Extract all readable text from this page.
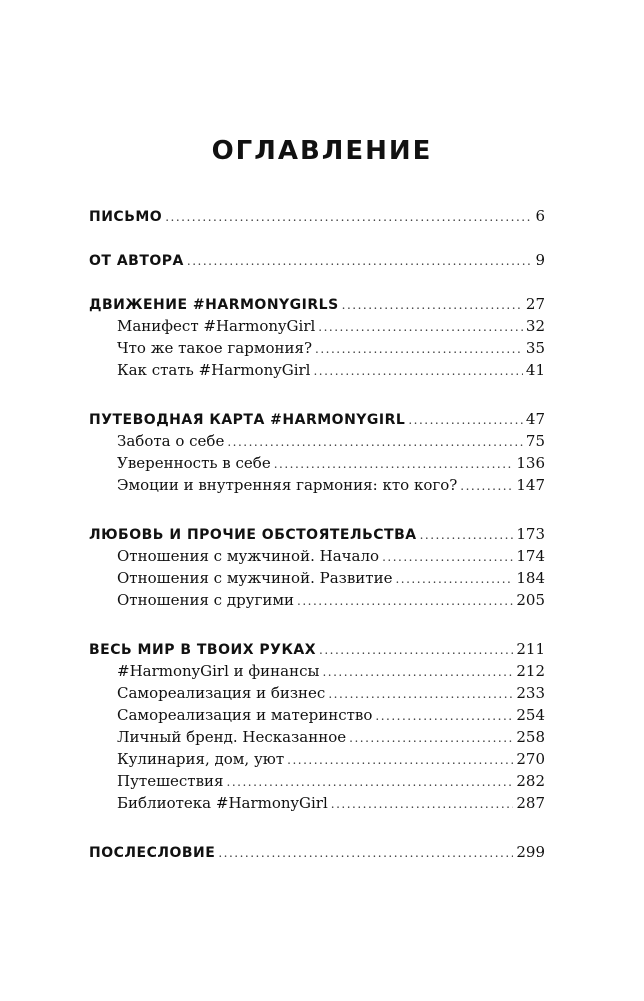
ОГЛАВЛЕНИЕ
ПИСЬМО .....	6
ОТ АВТОРА .....	9
ДВИЖЕНИЕ #HARMONYGIRLS .....	27
Манифест #HarmonyGirl .....	32
Что же такое гармония? .....	35
Как стать #HarmonyGirl .....	41
ПУТЕВОДНАЯ КАРТА #HARMONYGIRL .....	47
Забота о себе .....	75
Уверенность в себе .....	136
Эмоции и внутренняя гармония: кто кого? .....	147
ЛЮБОВЬ И ПРОЧИЕ ОБСТОЯТЕЛЬСТВА .....	173
Отношения с мужчиной. Начало .....	174
Отношения с мужчиной. Развитие .....	184
Отношения с другими .....	205
ВЕСЬ МИР В ТВОИХ РУКАХ .....	211
#HarmonyGirl и финансы .....	212
Самореализация и бизнес .....	233
Самореализация и материнство .....	254
Личный бренд. Несказанное .....	258
Кулинария, дом, уют .....	270
Путешествия .....	282
Библиотека #HarmonyGirl .....	287
ПОСЛЕСЛОВИЕ .....	299
